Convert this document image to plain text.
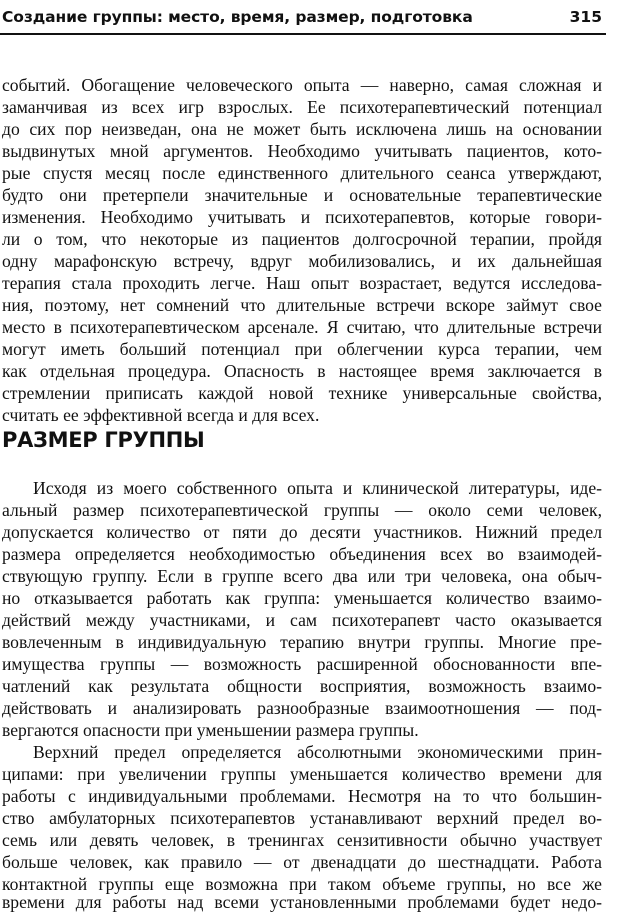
Создание группы: место, время, размер, подготовка	315
событий. Обогащение человеческого опыта — наверно, самая сложная и
заманчивая из всех игр взрослых. Ее психотерапевтический потенциал
до сих пор неизведан, она не может быть исключена лишь на основании
выдвинутых мной аргументов. Необходимо учитывать пациентов, кото-
рые спустя месяц после единственного длительного сеанса утверждают,
будто они претерпели значительные и основательные терапевтические
изменения. Необходимо учитывать и психотерапевтов, которые говори-
ли о том, что некоторые из пациентов долгосрочной терапии, пройдя
одну марафонскую встречу, вдруг мобилизовались, и их дальнейшая
терапия стала проходить легче. Наш опыт возрастает, ведутся исследова-
ния, поэтому, нет сомнений что длительные встречи вскоре займут свое
место в психотерапевтическом арсенале. Я считаю, что длительные встречи
могут иметь больший потенциал при облегчении курса терапии, чем
как отдельная процедура. Опасность в настоящее время заключается в
стремлении приписать каждой новой технике универсальные свойства,
считать ее эффективной всегда и для всех.
РАЗМЕР ГРУППЫ
Исходя из моего собственного опыта и клинической литературы, иде-
альный размер психотерапевтической группы — около семи человек,
допускается количество от пяти до десяти участников. Нижний предел
размера определяется необходимостью объединения всех во взаимодей-
ствующую группу. Если в группе всего два или три человека, она обыч-
но отказывается работать как группа: уменьшается количество взаимо-
действий между участниками, и сам психотерапевт часто оказывается
вовлеченным в индивидуальную терапию внутри группы. Многие пре-
имущества группы — возможность расширенной обоснованности впе-
чатлений как результата общности восприятия, возможность взаимо-
действовать и анализировать разнообразные взаимоотношения — под-
вергаются опасности при уменьшении размера группы.
Верхний предел определяется абсолютными экономическими прин-
ципами: при увеличении группы уменьшается количество времени для
работы с индивидуальными проблемами. Несмотря на то что большин-
ство амбулаторных психотерапевтов устанавливают верхний предел во-
семь или девять человек, в тренингах сензитивности обычно участвует
больше человек, как правило — от двенадцати до шестнадцати. Работа
контактной группы еще возможна при таком объеме группы, но все же
времени для работы над всеми установленными проблемами будет недо-
